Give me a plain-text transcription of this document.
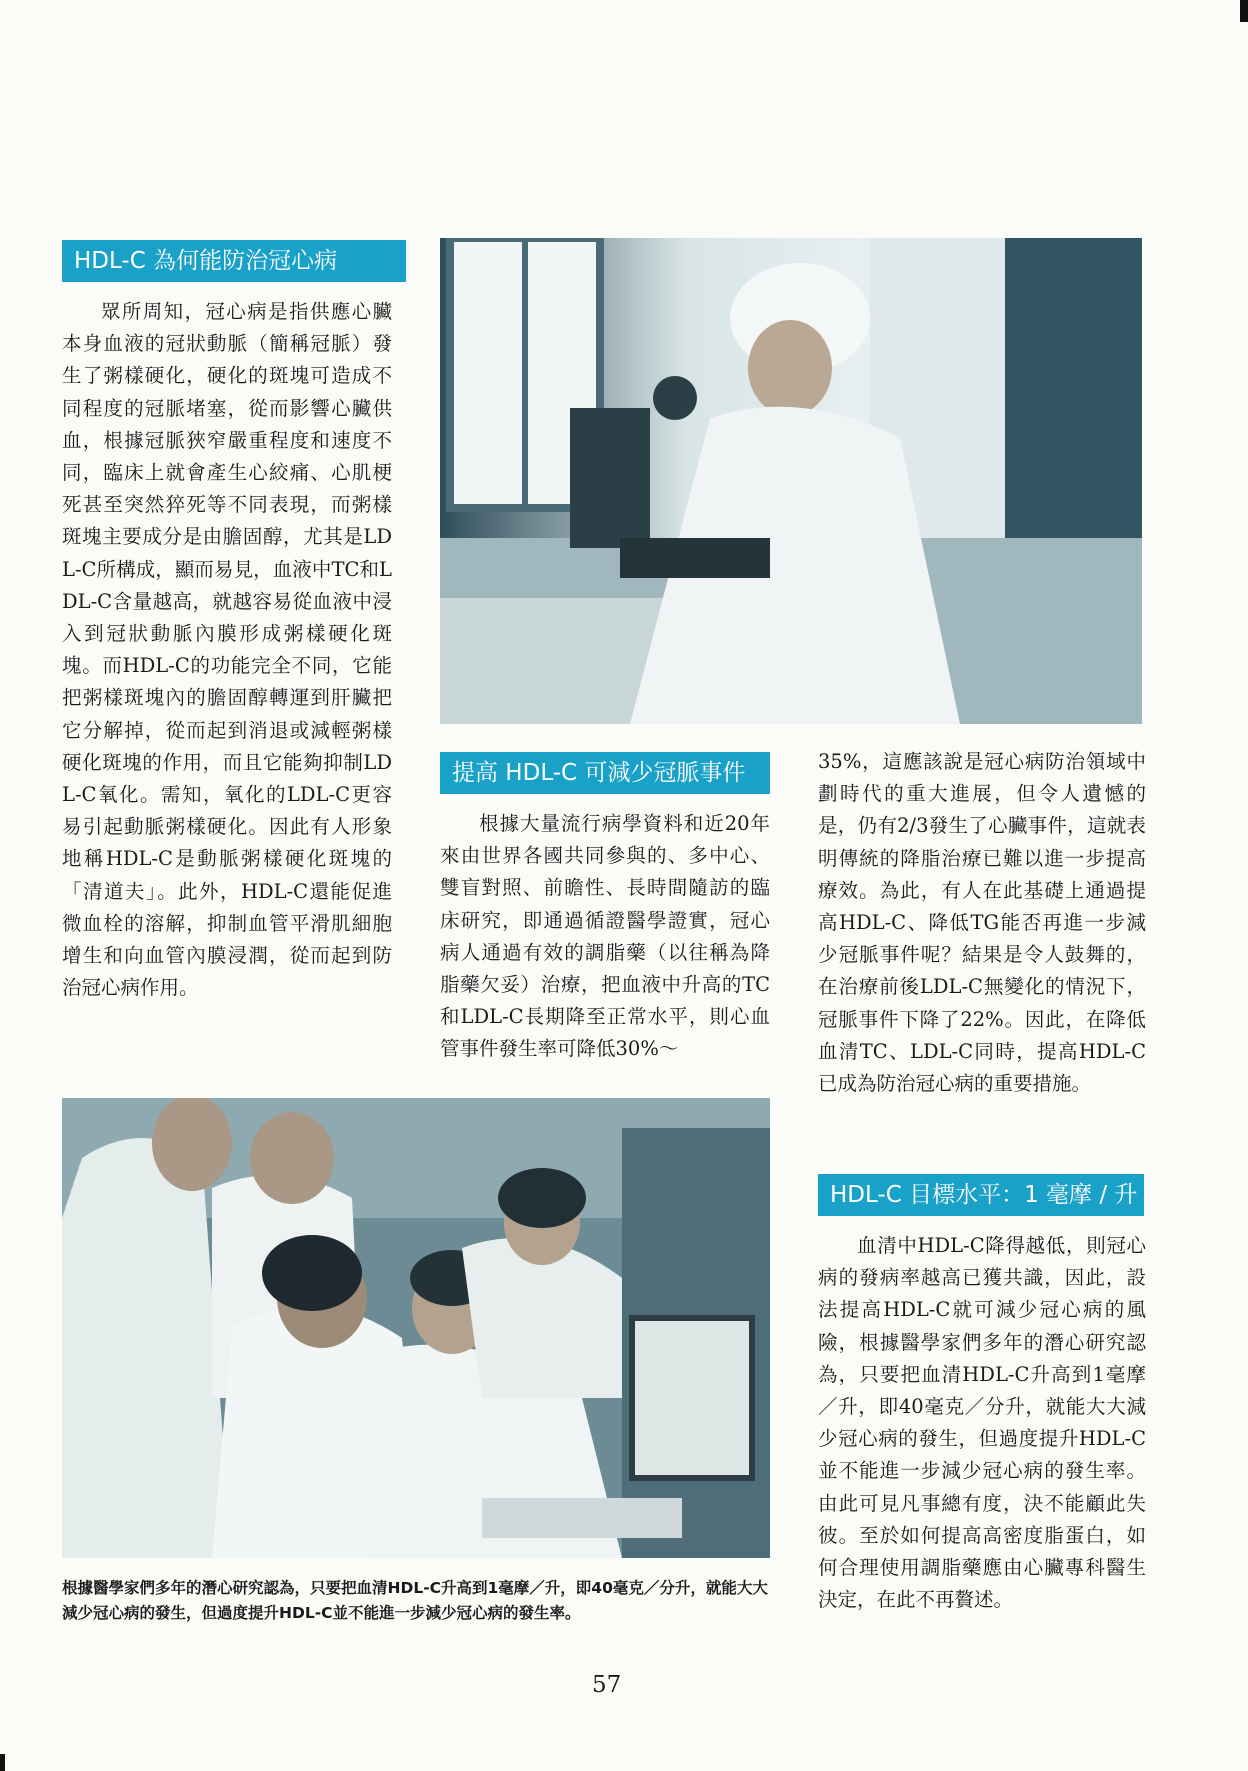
HDL-C 為何能防治冠心病

眾所周知，冠心病是指供應心臟本身血液的冠狀動脈（簡稱冠脈）發生了粥樣硬化，硬化的斑塊可造成不同程度的冠脈堵塞，從而影響心臟供血，根據冠脈狹窄嚴重程度和速度不同，臨床上就會產生心絞痛、心肌梗死甚至突然猝死等不同表現，而粥樣斑塊主要成分是由膽固醇，尤其是LDL-C所構成，顯而易見，血液中TC和LDL-C含量越高，就越容易從血液中浸入到冠狀動脈內膜形成粥樣硬化斑塊。而HDL-C的功能完全不同，它能把粥樣斑塊內的膽固醇轉運到肝臟把它分解掉，從而起到消退或減輕粥樣硬化斑塊的作用，而且它能夠抑制LDL-C氧化。需知，氧化的LDL-C更容易引起動脈粥樣硬化。因此有人形象地稱HDL-C是動脈粥樣硬化斑塊的「清道夫」。此外，HDL-C還能促進微血栓的溶解，抑制血管平滑肌細胞增生和向血管內膜浸潤，從而起到防治冠心病作用。

提高 HDL-C 可減少冠脈事件

根據大量流行病學資料和近20年來由世界各國共同參與的、多中心、雙盲對照、前瞻性、長時間隨訪的臨床研究，即通過循證醫學證實，冠心病人通過有效的調脂藥（以往稱為降脂藥欠妥）治療，把血液中升高的TC和LDL-C長期降至正常水平，則心血管事件發生率可降低30%～

35%，這應該說是冠心病防治領域中劃時代的重大進展，但令人遺憾的是，仍有2/3發生了心臟事件，這就表明傳統的降脂治療已難以進一步提高療效。為此，有人在此基礎上通過提高HDL-C、降低TG能否再進一步減少冠脈事件呢？結果是令人鼓舞的，在治療前後LDL-C無變化的情況下，冠脈事件下降了22%。因此，在降低血清TC、LDL-C同時，提高HDL-C已成為防治冠心病的重要措施。

根據醫學家們多年的潛心研究認為，只要把血清HDL-C升高到1毫摩／升，即40毫克／分升，就能大大減少冠心病的發生，但過度提升HDL-C並不能進一步減少冠心病的發生率。

HDL-C 目標水平：1 毫摩 / 升

血清中HDL-C降得越低，則冠心病的發病率越高已獲共識，因此，設法提高HDL-C就可減少冠心病的風險，根據醫學家們多年的潛心研究認為，只要把血清HDL-C升高到1毫摩／升，即40毫克／分升，就能大大減少冠心病的發生，但過度提升HDL-C並不能進一步減少冠心病的發生率。由此可見凡事總有度，決不能顧此失彼。至於如何提高高密度脂蛋白，如何合理使用調脂藥應由心臟專科醫生決定，在此不再贅述。

57
